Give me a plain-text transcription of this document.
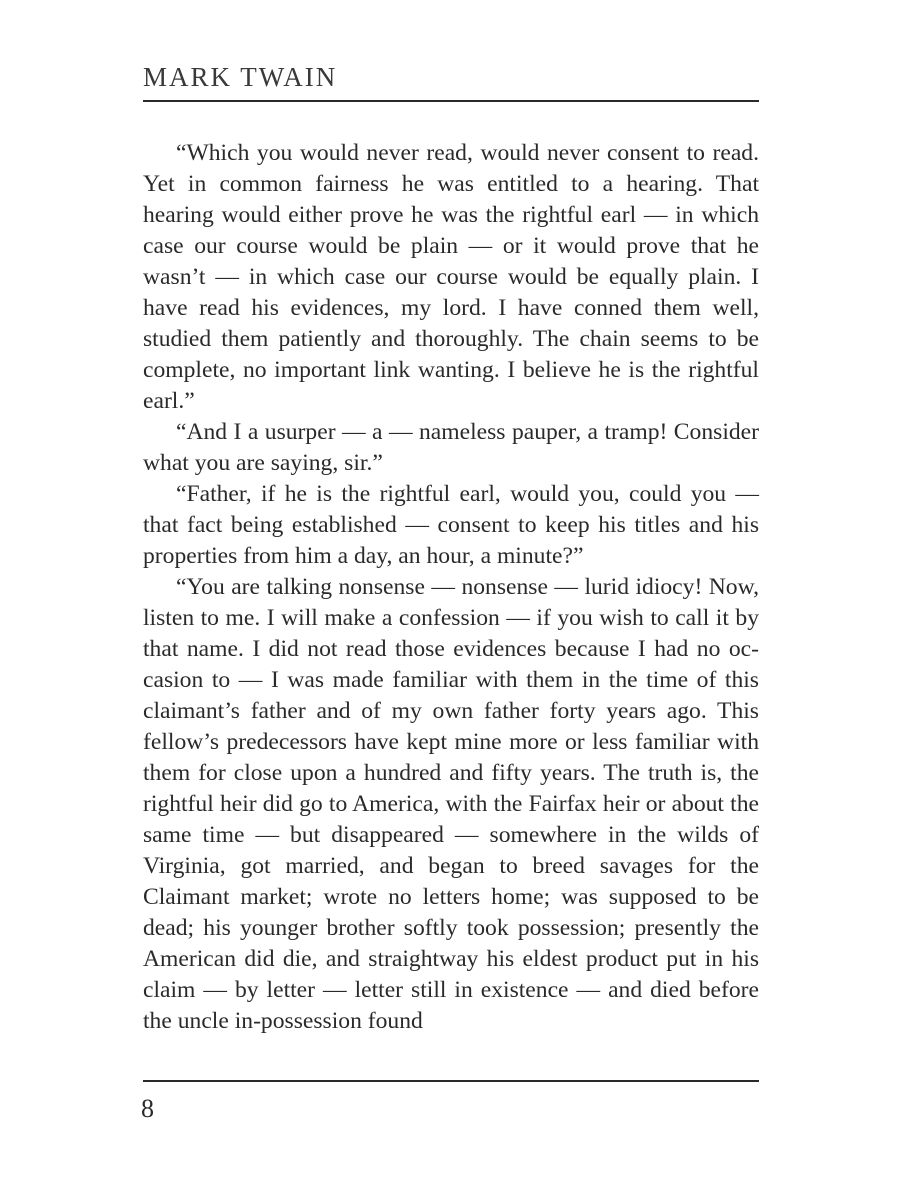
MARK TWAIN

“Which you would never read, would never consent to read. Yet in common fairness he was entitled to a hearing. That hearing would either prove he was the rightful earl — in which case our course would be plain — or it would prove that he wasn’t — in which case our course would be equally plain. I have read his evidences, my lord. I have conned them well, studied them patiently and thoroughly. The chain seems to be complete, no important link wanting. I believe he is the rightful earl.”

“And I a usurper — a — nameless pauper, a tramp! Consider what you are saying, sir.”

“Father, if he is the rightful earl, would you, could you — that fact being established — consent to keep his titles and his properties from him a day, an hour, a minute?”

“You are talking nonsense — nonsense — lurid idiocy! Now, listen to me. I will make a confession — if you wish to call it by that name. I did not read those evidences because I had no occasion to — I was made familiar with them in the time of this claimant’s father and of my own father forty years ago. This fellow’s predecessors have kept mine more or less familiar with them for close upon a hundred and fifty years. The truth is, the rightful heir did go to America, with the Fairfax heir or about the same time — but disappeared — somewhere in the wilds of Virginia, got married, and began to breed savages for the Claimant market; wrote no letters home; was supposed to be dead; his younger brother softly took possession; presently the American did die, and straightway his eldest product put in his claim — by letter — letter still in existence — and died before the uncle in-possession found

8
